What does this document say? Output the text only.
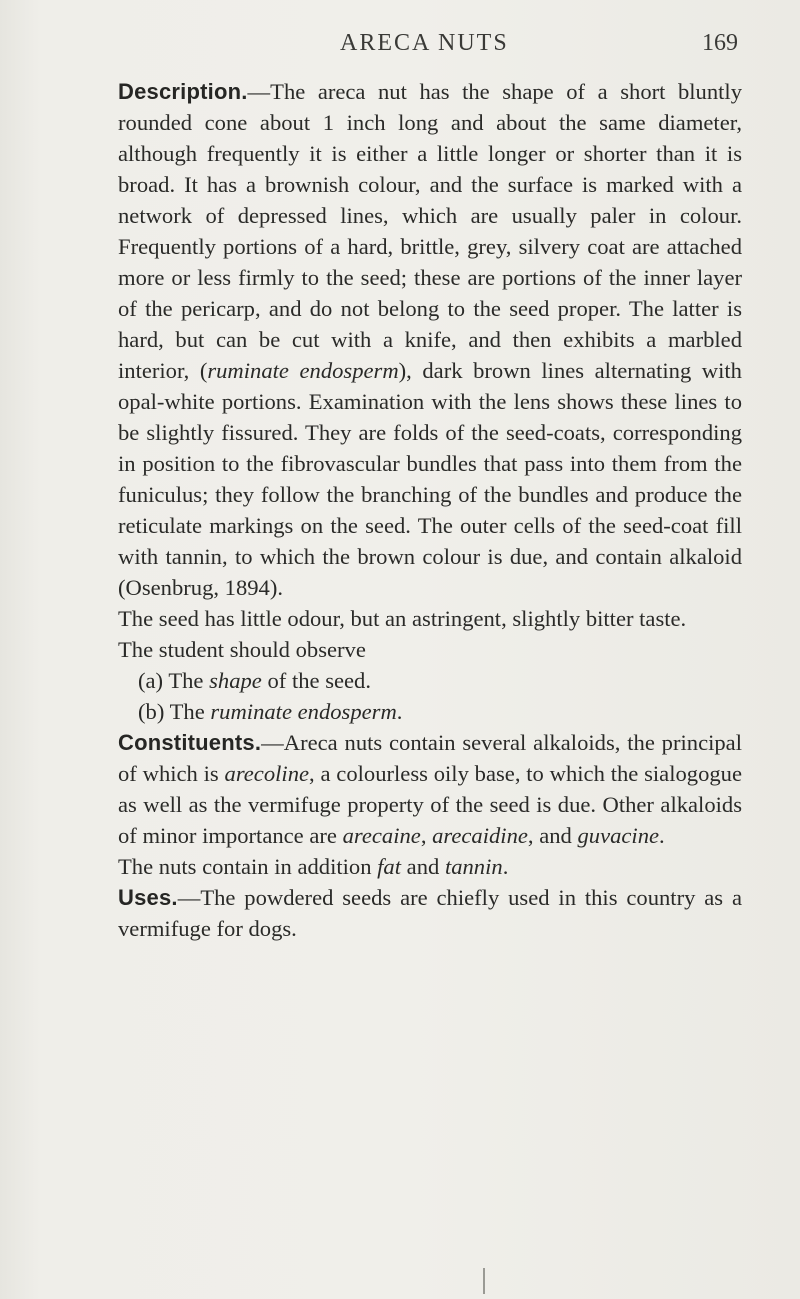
ARECA NUTS	169

Description.—The areca nut has the shape of a short bluntly rounded cone about 1 inch long and about the same diameter, although frequently it is either a little longer or shorter than it is broad. It has a brownish colour, and the surface is marked with a network of depressed lines, which are usually paler in colour. Frequently portions of a hard, brittle, grey, silvery coat are attached more or less firmly to the seed; these are portions of the inner layer of the pericarp, and do not belong to the seed proper. The latter is hard, but can be cut with a knife, and then exhibits a marbled interior, (ruminate endosperm), dark brown lines alternating with opal-white portions. Examination with the lens shows these lines to be slightly fissured. They are folds of the seed-coats, corresponding in position to the fibrovascular bundles that pass into them from the funiculus; they follow the branching of the bundles and produce the reticulate markings on the seed. The outer cells of the seed-coat fill with tannin, to which the brown colour is due, and contain alkaloid (Osenbrug, 1894).

The seed has little odour, but an astringent, slightly bitter taste.

The student should observe

(a) The shape of the seed.

(b) The ruminate endosperm.

Constituents.—Areca nuts contain several alkaloids, the principal of which is arecoline, a colourless oily base, to which the sialogogue as well as the vermifuge property of the seed is due. Other alkaloids of minor importance are arecaine, arecaidine, and guvacine.

The nuts contain in addition fat and tannin.

Uses.—The powdered seeds are chiefly used in this country as a vermifuge for dogs.
